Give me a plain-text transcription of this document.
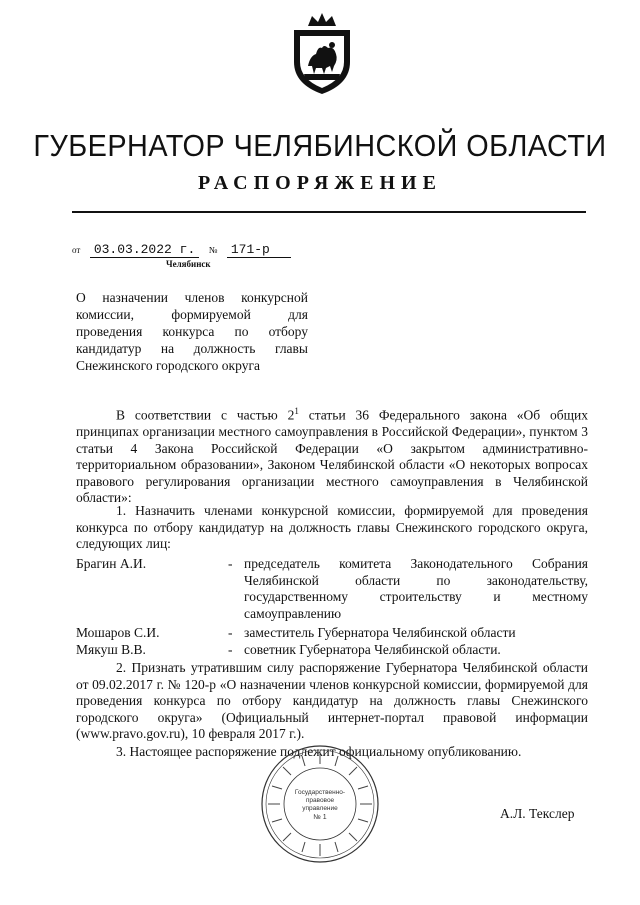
ГУБЕРНАТОР ЧЕЛЯБИНСКОЙ ОБЛАСТИ
РАСПОРЯЖЕНИЕ
от 03.03.2022 г. № 171-р
Челябинск
О назначении членов конкурсной комиссии, формируемой для проведения конкурса по отбору кандидатур на должность главы Снежинского городского округа
В соответствии с частью $2^1$ статьи 36 Федерального закона «Об общих принципах организации местного самоуправления в Российской Федерации», пунктом 3 статьи 4 Закона Российской Федерации «О закрытом административно-территориальном образовании», Законом Челябинской области «О некоторых вопросах правового регулирования организации местного самоуправления в Челябинской области»:
1. Назначить членами конкурсной комиссии, формируемой для проведения конкурса по отбору кандидатур на должность главы Снежинского городского округа, следующих лиц:
Брагин А.И.	- председатель комитета Законодательного Собрания Челябинской области по законодательству, государственному строительству и местному самоуправлению
Мошаров С.И.	- заместитель Губернатора Челябинской области
Мякуш В.В.	- советник Губернатора Челябинской области.
2. Признать утратившим силу распоряжение Губернатора Челябинской области от 09.02.2017 г. № 120-р «О назначении членов конкурсной комиссии, формируемой для проведения конкурса по отбору кандидатур на должность главы Снежинского городского округа» (Официальный интернет-портал правовой информации (www.pravo.gov.ru), 10 февраля 2017 г.).
3. Настоящее распоряжение подлежит официальному опубликованию.
Государственно-
правовое
управление
№ 1	А.Л. Текслер
